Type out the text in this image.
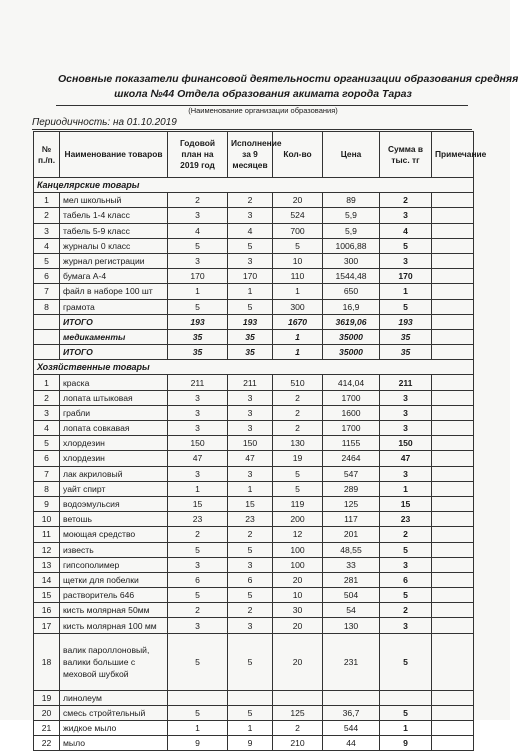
Основные показатели финансовой деятельности организации образования средняя
школа №44 Отдела образования акимата города Тараз
(Наименование организации образования)
Периодичность: на 01.10.2019
№ п./п.	Наименование товаров	Годовой план на 2019 год	Исполнение за 9 месяцев	Кол-во	Цена	Сумма в тыс. тг	Примечание
Канцелярские товары							
1	мел школьный	2	2	20	89	2	
2	табель 1-4 класс	3	3	524	5,9	3	
3	табель 5-9 класс	4	4	700	5,9	4	
4	журналы 0 класс	5	5	5	1006,88	5	
5	журнал регистрации	3	3	10	300	3	
6	бумага А-4	170	170	110	1544,48	170	
7	файл в наборе 100 шт	1	1	1	650	1	
8	грамота	5	5	300	16,9	5	
	ИТОГО	193	193	1670	3619,06	193	
	медикаменты	35	35	1	35000	35	
	ИТОГО	35	35	1	35000	35	
Хозяйственные товары							
1	краска	211	211	510	414,04	211	
2	лопата штыковая	3	3	2	1700	3	
3	грабли	3	3	2	1600	3	
4	лопата совкавая	3	3	2	1700	3	
5	хлордезин	150	150	130	1155	150	
6	хлордезин	47	47	19	2464	47	
7	лак акриловый	3	3	5	547	3	
8	уайт спирт	1	1	5	289	1	
9	водоэмульсия	15	15	119	125	15	
10	ветошь	23	23	200	117	23	
11	моющая средство	2	2	12	201	2	
12	известь	5	5	100	48,55	5	
13	гипсополимер	3	3	100	33	3	
14	щетки для побелки	6	6	20	281	6	
15	растворитель 646	5	5	10	504	5	
16	кисть молярная 50мм	2	2	30	54	2	
17	кисть молярная 100 мм	3	3	20	130	3	
18	валик пароллоновый, валики большие с меховой шубкой	5	5	20	231	5	
19	линолеум						
20	смесь стройтельный	5	5	125	36,7	5	
21	жидкое мыло	1	1	2	544	1	
22	мыло	9	9	210	44	9	
